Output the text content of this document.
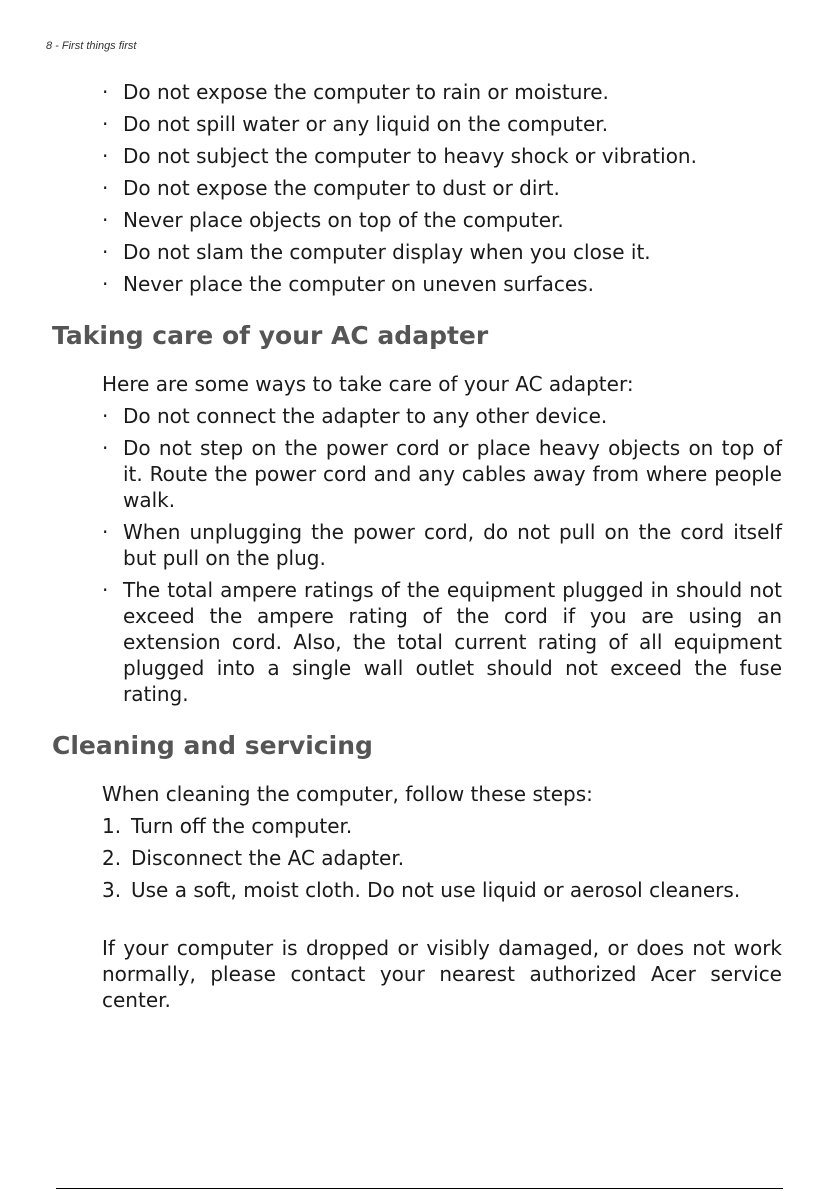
8 - First things first

· Do not expose the computer to rain or moisture.
· Do not spill water or any liquid on the computer.
· Do not subject the computer to heavy shock or vibration.
· Do not expose the computer to dust or dirt.
· Never place objects on top of the computer.
· Do not slam the computer display when you close it.
· Never place the computer on uneven surfaces.
Taking care of your AC adapter

Here are some ways to take care of your AC adapter:

· Do not connect the adapter to any other device.
· Do not step on the power cord or place heavy objects on top of it. Route the power cord and any cables away from where people walk.
· When unplugging the power cord, do not pull on the cord itself but pull on the plug.
· The total ampere ratings of the equipment plugged in should not exceed the ampere rating of the cord if you are using an extension cord. Also, the total current rating of all equipment plugged into a single wall outlet should not exceed the fuse rating.
Cleaning and servicing

When cleaning the computer, follow these steps:

1. Turn off the computer.
2. Disconnect the AC adapter.
3. Use a soft, moist cloth. Do not use liquid or aerosol cleaners.

If your computer is dropped or visibly damaged, or does not work normally, please contact your nearest authorized Acer service center.
